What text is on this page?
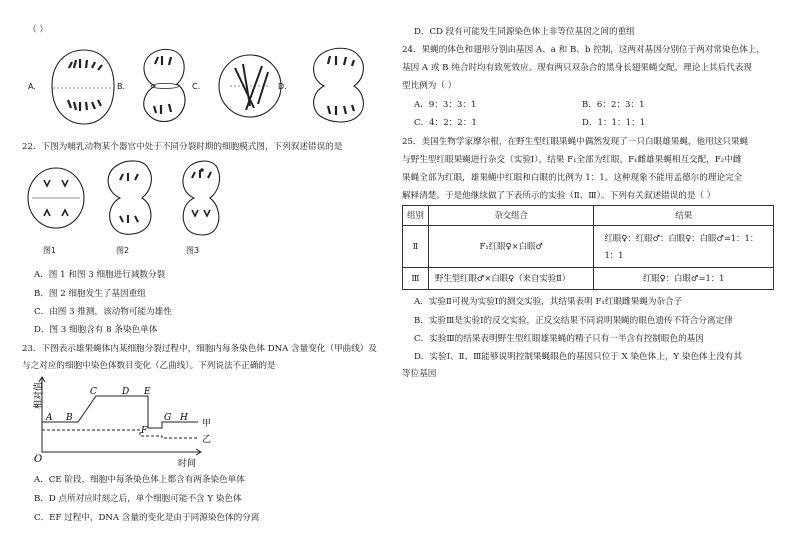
（ ）
A.	B.	C.	D.
22．下图为哺乳动物某个器官中处于不同分裂时期的细胞模式图，下列叙述错误的是
图1	图2	图3
A．图 1 和图 3 细胞进行减数分裂
B．图 2 细胞发生了基因重组
C．由图 3 推测，该动物可能为雄性
D．图 3 细胞含有 8 条染色单体
23．下图表示雄果蝇体内某细胞分裂过程中，细胞内每条染色体 DNA 含量变化（甲曲线）及
与之对应的细胞中染色体数目变化（乙曲线）。下列说法不正确的是
相对值
O	时间
A B
C	D E
F
G H
甲
乙
A．CE 阶段，细胞中每条染色体上都含有两条染色单体
B．D 点所对应时刻之后，单个细胞可能不含 Y 染色体
C．EF 过程中，DNA 含量的变化是由于同源染色体的分离
D．CD 段有可能发生同源染色体上非等位基因之间的重组
24．果蝇的体色和翅形分别由基因 A、a 和 B、b 控制，这两对基因分别位于两对常染色体上，
基因 A 或 B 纯合时均有致死效应。现有两只双杂合的黑身长翅果蝇交配，理论上其后代表现
型比例为（ ）
A．9：3：3：1	B．6：2：3：1
C．4：2：2：1	D．1：1：1：1
25．美国生物学家摩尔根，在野生型红眼果蝇中偶然发现了一只白眼雄果蝇，他用这只果蝇
与野生型红眼果蝇进行杂交（实验Ⅰ），结果 F₁全部为红眼。F₁雌雄果蝇相互交配，F₂中雌
果蝇全部为红眼，雄果蝇中红眼和白眼的比例为 1：1。这种现象不能用孟德尔的理论完全
解释清楚。于是他继续做了下表所示的实验（Ⅱ、Ⅲ）。下列有关叙述错误的是（ ）
组别	杂交组合	结果
Ⅱ	F₁红眼♀×白眼♂	红眼♀：红眼♂：白眼♀：白眼♂=1：1：
1：1

Ⅲ	野生型红眼♂×白眼♀（来自实验Ⅱ）	红眼♀：白眼♂=1：1
A．实验Ⅱ可视为实验Ⅰ的测交实验，其结果表明 F₁红眼雌果蝇为杂合子
B．实验Ⅲ是实验Ⅰ的反交实验，正反交结果不同说明果蝇的眼色遗传不符合分离定律
C．实验Ⅲ的结果表明野生型红眼雄果蝇的精子只有一半含有控制眼色的基因
D．实验Ⅰ、Ⅱ、Ⅲ能够说明控制果蝇眼色的基因只位于 X 染色体上，Y 染色体上没有其
等位基因
